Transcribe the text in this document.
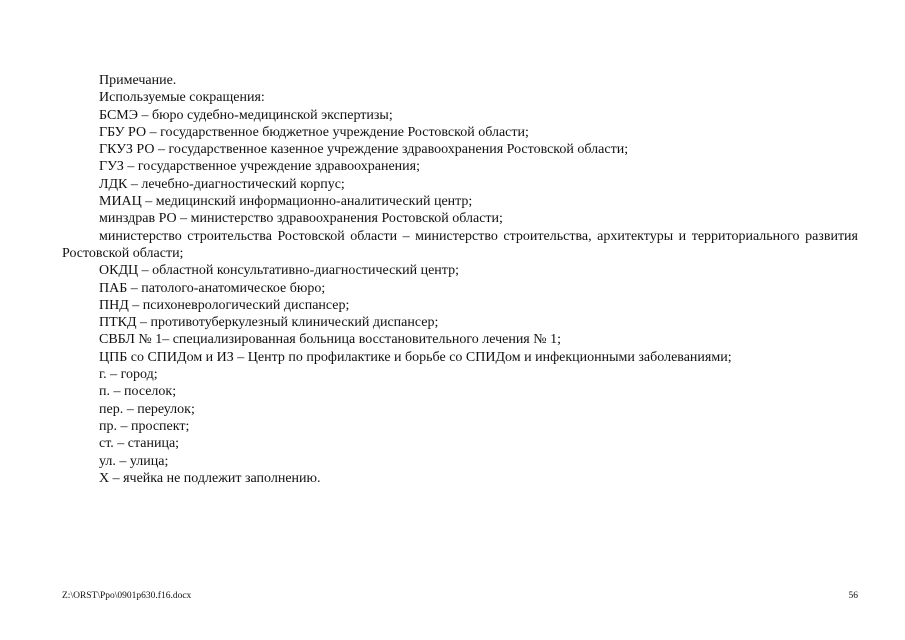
Примечание.

Используемые сокращения:

БСМЭ – бюро судебно-медицинской экспертизы;

ГБУ РО – государственное бюджетное учреждение Ростовской области;

ГКУЗ РО – государственное казенное учреждение здравоохранения Ростовской области;

ГУЗ – государственное учреждение здравоохранения;

ЛДК – лечебно-диагностический корпус;

МИАЦ – медицинский информационно-аналитический центр;

минздрав РО – министерство здравоохранения Ростовской области;

министерство строительства Ростовской области – министерство строительства, архитектуры и территориального развития Ростовской области;

ОКДЦ – областной консультативно-диагностический центр;

ПАБ – патолого-анатомическое бюро;

ПНД – психоневрологический диспансер;

ПТКД – противотуберкулезный клинический диспансер;

СВБЛ № 1– специализированная больница восстановительного лечения № 1;

ЦПБ со СПИДом и ИЗ – Центр по профилактике и борьбе со СПИДом и инфекционными заболеваниями;

г. – город;

п. – поселок;

пер. – переулок;

пр. – проспект;

ст. – станица;

ул. – улица;

Х – ячейка не подлежит заполнению.

Z:\ORST\Ppo\0901p630.f16.docx	56
